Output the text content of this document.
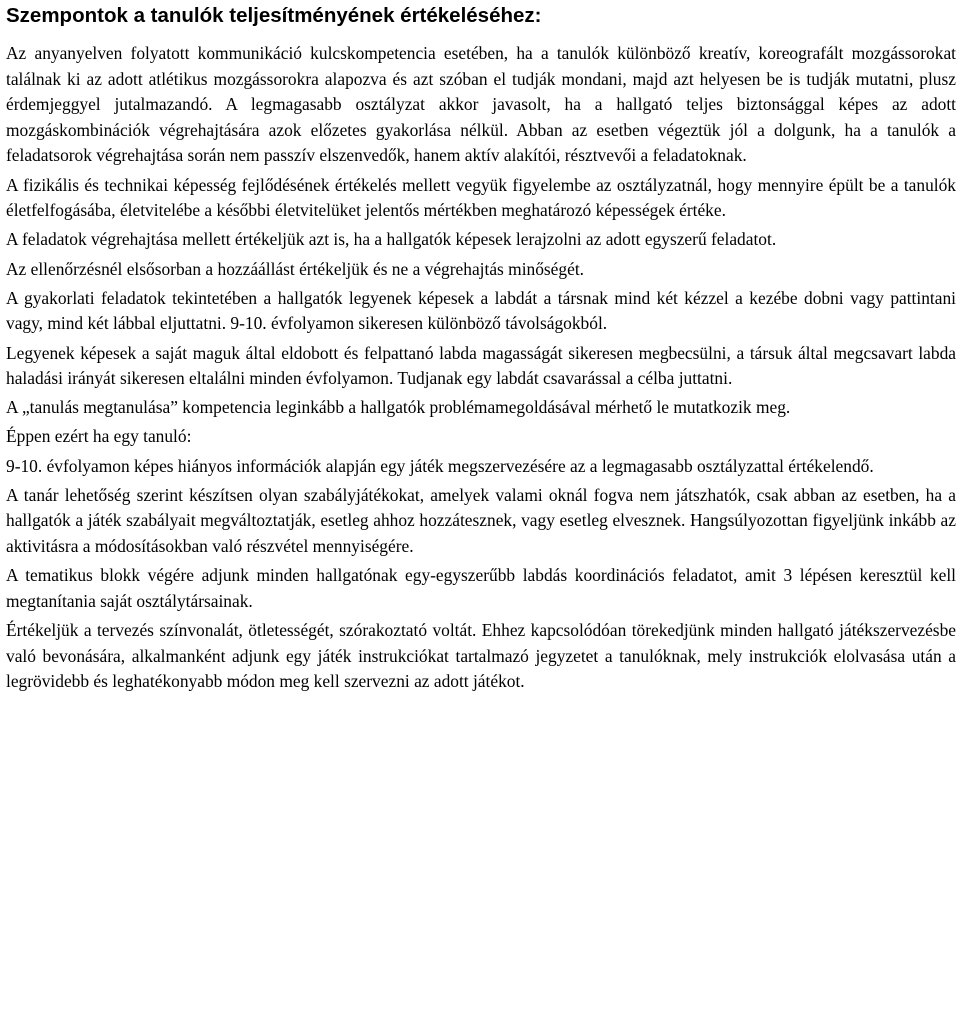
Szempontok a tanulók teljesítményének értékeléséhez:

Az anyanyelven folyatott kommunikáció kulcskompetencia esetében, ha a tanulók különböző kreatív, koreografált mozgássorokat találnak ki az adott atlétikus mozgássorokra alapozva és azt szóban el tudják mondani, majd azt helyesen be is tudják mutatni, plusz érdemjeggyel jutalmazandó. A legmagasabb osztályzat akkor javasolt, ha a hallgató teljes biztonsággal képes az adott mozgáskombinációk végrehajtására azok előzetes gyakorlása nélkül. Abban az esetben végeztük jól a dolgunk, ha a tanulók a feladatsorok végrehajtása során nem passzív elszenvedők, hanem aktív alakítói, résztvevői a feladatoknak.

A fizikális és technikai képesség fejlődésének értékelés mellett vegyük figyelembe az osztályzatnál, hogy mennyire épült be a tanulók életfelfogásába, életvitelébe a későbbi életvitelüket jelentős mértékben meghatározó képességek értéke.

A feladatok végrehajtása mellett értékeljük azt is, ha a hallgatók képesek lerajzolni az adott egyszerű feladatot.

Az ellenőrzésnél elsősorban a hozzáállást értékeljük és ne a végrehajtás minőségét.

A gyakorlati feladatok tekintetében a hallgatók legyenek képesek a labdát a társnak mind két kézzel a kezébe dobni vagy pattintani vagy, mind két lábbal eljuttatni. 9-10. évfolyamon sikeresen különböző távolságokból.

Legyenek képesek a saját maguk által eldobott és felpattanó labda magasságát sikeresen megbecsülni, a társuk által megcsavart labda haladási irányát sikeresen eltalálni minden évfolyamon. Tudjanak egy labdát csavarással a célba juttatni.

A „tanulás megtanulása” kompetencia leginkább a hallgatók problémamegoldásával mérhető le mutatkozik meg.

Éppen ezért ha egy tanuló:

9-10. évfolyamon képes hiányos információk alapján egy játék megszervezésére az a legmagasabb osztályzattal értékelendő.

A tanár lehetőség szerint készítsen olyan szabályjátékokat, amelyek valami oknál fogva nem játszhatók, csak abban az esetben, ha a hallgatók a játék szabályait megváltoztatják, esetleg ahhoz hozzátesznek, vagy esetleg elvesznek. Hangsúlyozottan figyeljünk inkább az aktivitásra a módosításokban való részvétel mennyiségére.

A tematikus blokk végére adjunk minden hallgatónak egy-egyszerűbb labdás koordinációs feladatot, amit 3 lépésen keresztül kell megtanítania saját osztálytársainak.

Értékeljük a tervezés színvonalát, ötletességét, szórakoztató voltát. Ehhez kapcsolódóan törekedjünk minden hallgató játékszervezésbe való bevonására, alkalmanként adjunk egy játék instrukciókat tartalmazó jegyzetet a tanulóknak, mely instrukciók elolvasása után a legrövidebb és leghatékonyabb módon meg kell szervezni az adott játékot.
